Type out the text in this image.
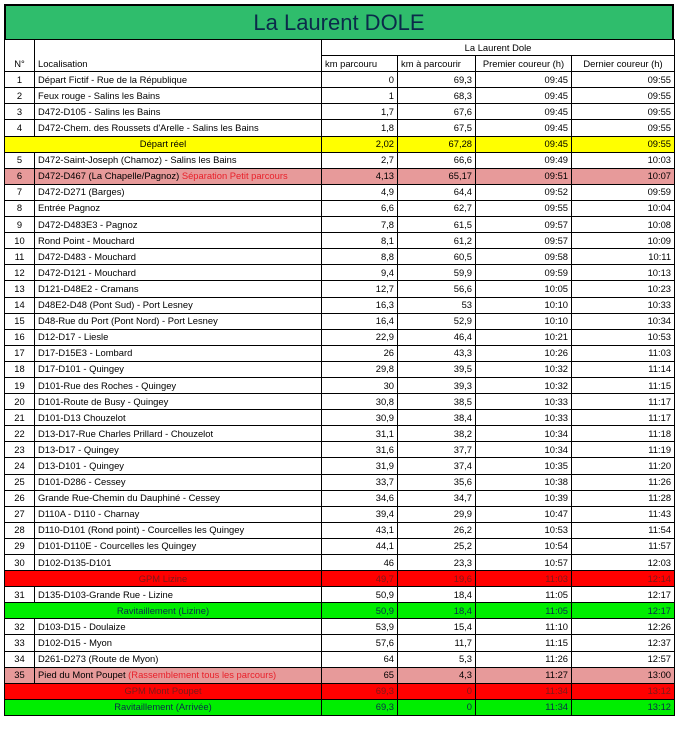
La Laurent DOLE
N°	Localisation	La Laurent Dole			
		km parcouru	km à parcourir	Premier coureur (h)	Dernier coureur (h)
1	Départ Fictif - Rue de la République	0	69,3	09:45	09:55
2	Feux rouge - Salins les Bains	1	68,3	09:45	09:55
3	D472-D105 - Salins les Bains	1,7	67,6	09:45	09:55
4	D472-Chem. des Roussets d'Arelle - Salins les Bains	1,8	67,5	09:45	09:55
Départ réel		2,02	67,28	09:45	09:55
5	D472-Saint-Joseph (Chamoz) - Salins les Bains	2,7	66,6	09:49	10:03
6	D472-D467 (La Chapelle/Pagnoz) Séparation Petit parcours	4,13	65,17	09:51	10:07
7	D472-D271 (Barges)	4,9	64,4	09:52	09:59
8	Entrée Pagnoz	6,6	62,7	09:55	10:04
9	D472-D483E3 - Pagnoz	7,8	61,5	09:57	10:08
10	Rond Point - Mouchard	8,1	61,2	09:57	10:09
11	D472-D483 - Mouchard	8,8	60,5	09:58	10:11
12	D472-D121 - Mouchard	9,4	59,9	09:59	10:13
13	D121-D48E2 - Cramans	12,7	56,6	10:05	10:23
14	D48E2-D48 (Pont Sud) - Port Lesney	16,3	53	10:10	10:33
15	D48-Rue du Port (Pont Nord) - Port Lesney	16,4	52,9	10:10	10:34
16	D12-D17 - Liesle	22,9	46,4	10:21	10:53
17	D17-D15E3 - Lombard	26	43,3	10:26	11:03
18	D17-D101 - Quingey	29,8	39,5	10:32	11:14
19	D101-Rue des Roches - Quingey	30	39,3	10:32	11:15
20	D101-Route de Busy - Quingey	30,8	38,5	10:33	11:17
21	D101-D13 Chouzelot	30,9	38,4	10:33	11:17
22	D13-D17-Rue Charles Prillard - Chouzelot	31,1	38,2	10:34	11:18
23	D13-D17 - Quingey	31,6	37,7	10:34	11:19
24	D13-D101 - Quingey	31,9	37,4	10:35	11:20
25	D101-D286 - Cessey	33,7	35,6	10:38	11:26
26	Grande Rue-Chemin du Dauphiné - Cessey	34,6	34,7	10:39	11:28
27	D110A - D110 - Charnay	39,4	29,9	10:47	11:43
28	D110-D101 (Rond point) - Courcelles les Quingey	43,1	26,2	10:53	11:54
29	D101-D110E - Courcelles les Quingey	44,1	25,2	10:54	11:57
30	D102-D135-D101	46	23,3	10:57	12:03
GPM Lizine		49,7	19,6	11:03	12:14
31	D135-D103-Grande Rue - Lizine	50,9	18,4	11:05	12:17
Ravitaillement (Lizine)		50,9	18,4	11:05	12:17
32	D103-D15 - Doulaize	53,9	15,4	11:10	12:26
33	D102-D15 - Myon	57,6	11,7	11:15	12:37
34	D261-D273 (Route de Myon)	64	5,3	11:26	12:57
35	Pied du Mont Poupet (Rassemblement tous les parcours)	65	4,3	11:27	13:00
GPM Mont Poupet		69,3	0	11:34	13:12
Ravitaillement (Arrivée)		69,3	0	11:34	13:12
